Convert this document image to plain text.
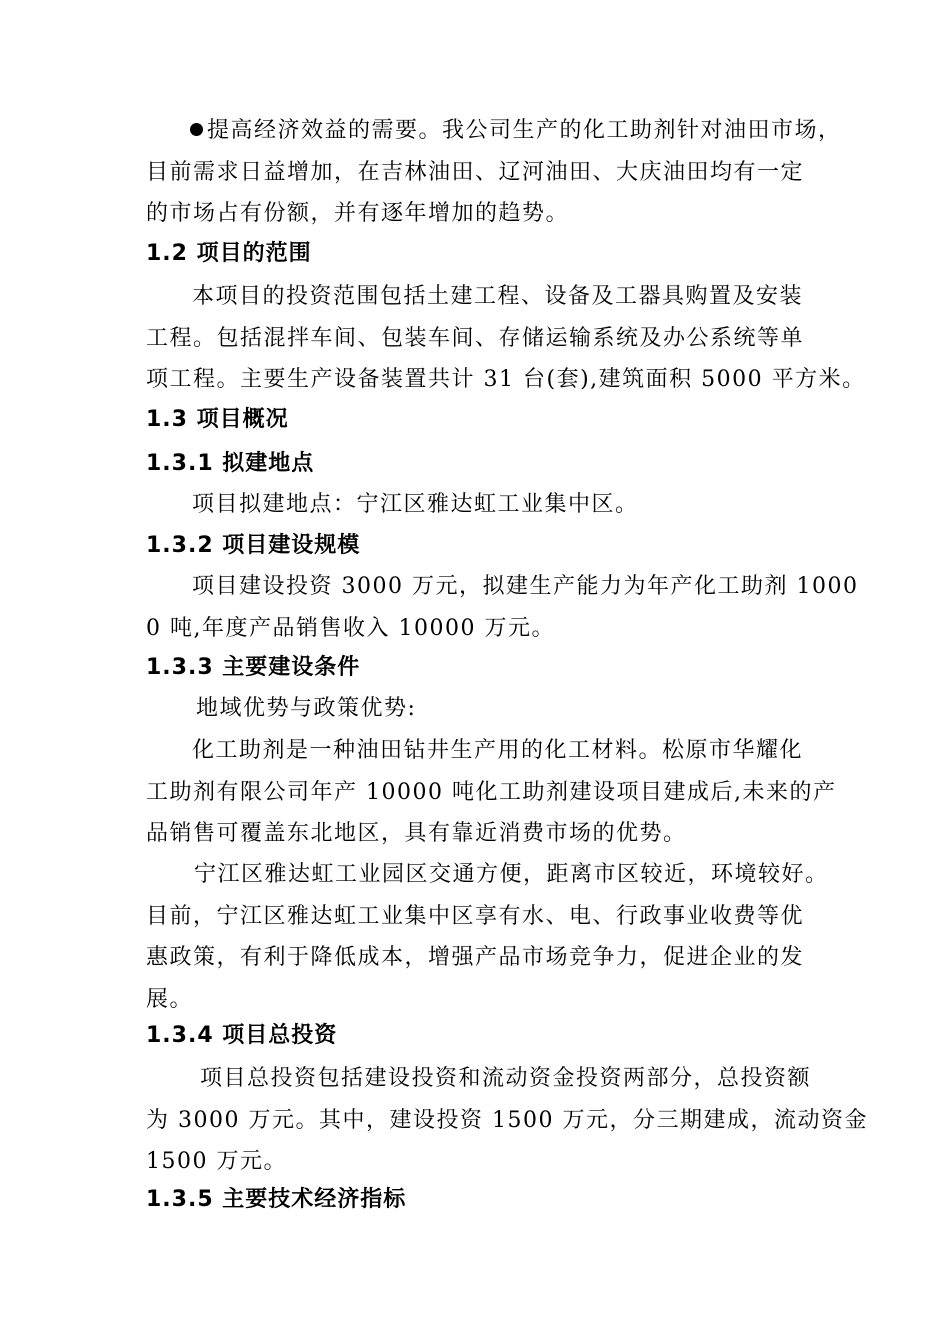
提高经济效益的需要。我公司生产的化工助剂针对油田市场，
目前需求日益增加，在吉林油田、辽河油田、大庆油田均有一定
的市场占有份额，并有逐年增加的趋势。
1.2 项目的范围
本项目的投资范围包括土建工程、设备及工器具购置及安装
工程。包括混拌车间、包装车间、存储运输系统及办公系统等单
项工程。主要生产设备装置共计 31 台(套),建筑面积 5000 平方米。
1.3 项目概况
1.3.1 拟建地点
项目拟建地点：宁江区雅达虹工业集中区。
1.3.2 项目建设规模
项目建设投资 3000 万元，拟建生产能力为年产化工助剂 1000
0 吨,年度产品销售收入 10000 万元。
1.3.3 主要建设条件
地域优势与政策优势:
化工助剂是一种油田钻井生产用的化工材料。松原市华耀化
工助剂有限公司年产 10000 吨化工助剂建设项目建成后,未来的产
品销售可覆盖东北地区，具有靠近消费市场的优势。
宁江区雅达虹工业园区交通方便，距离市区较近，环境较好。
目前，宁江区雅达虹工业集中区享有水、电、行政事业收费等优
惠政策，有利于降低成本，增强产品市场竞争力，促进企业的发
展。
1.3.4 项目总投资
项目总投资包括建设投资和流动资金投资两部分，总投资额
为 3000 万元。其中，建设投资 1500 万元，分三期建成，流动资金
1500 万元。
1.3.5 主要技术经济指标
